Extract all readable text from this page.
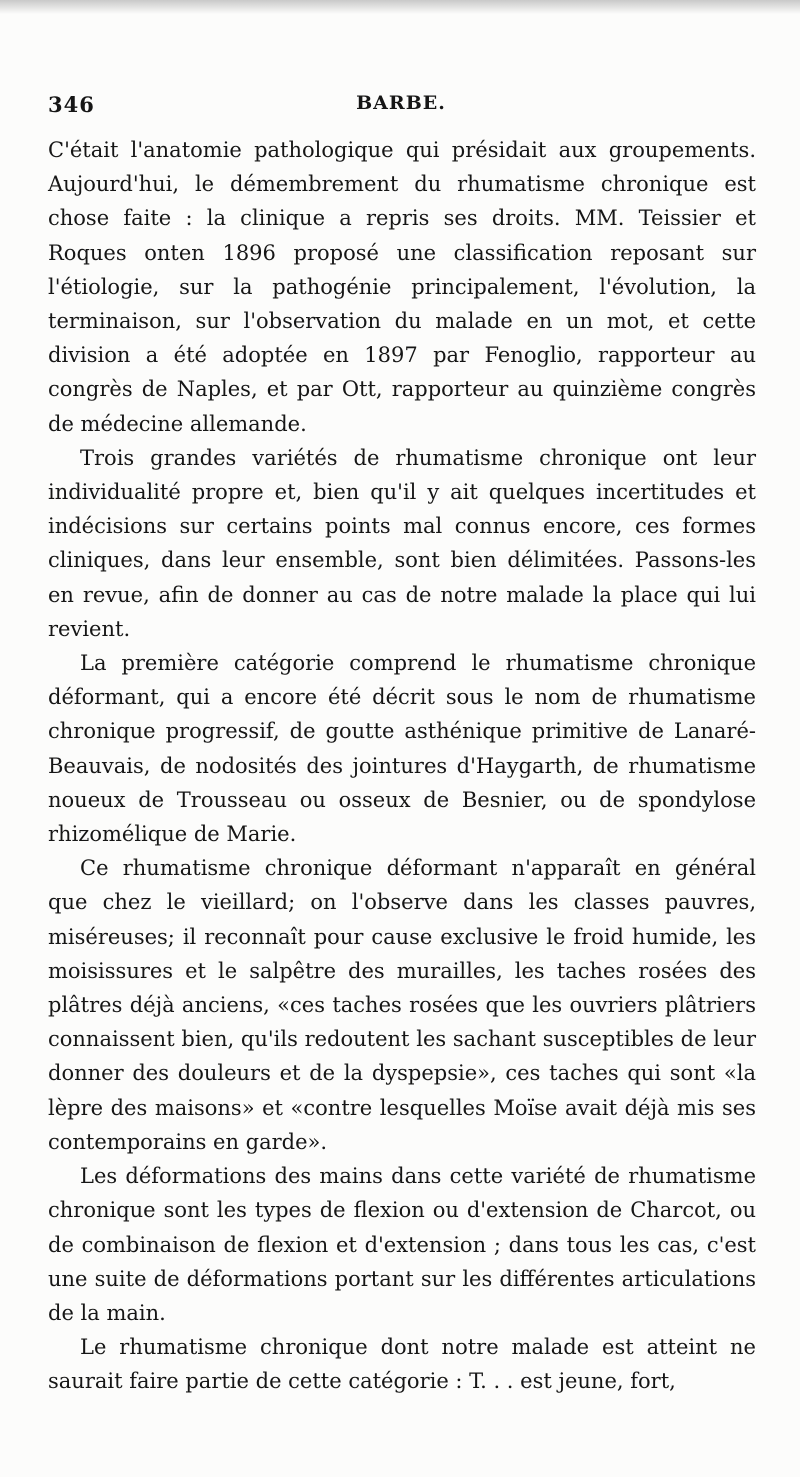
346	BARBE.

C'était l'anatomie pathologique qui présidait aux groupements. Aujourd'hui, le démembrement du rhumatisme chronique est chose faite : la clinique a repris ses droits. MM. Teissier et Roques onten 1896 proposé une classification reposant sur l'étiologie, sur la pathogénie principalement, l'évolution, la terminaison, sur l'observation du malade en un mot, et cette division a été adoptée en 1897 par Fenoglio, rapporteur au congrès de Naples, et par Ott, rapporteur au quinzième congrès de médecine allemande.

Trois grandes variétés de rhumatisme chronique ont leur individualité propre et, bien qu'il y ait quelques incertitudes et indécisions sur certains points mal connus encore, ces formes cliniques, dans leur ensemble, sont bien délimitées. Passons-les en revue, afin de donner au cas de notre malade la place qui lui revient.

La première catégorie comprend le rhumatisme chronique déformant, qui a encore été décrit sous le nom de rhumatisme chronique progressif, de goutte asthénique primitive de Lanaré-Beauvais, de nodosités des jointures d'Haygarth, de rhumatisme noueux de Trousseau ou osseux de Besnier, ou de spondylose rhizomélique de Marie.

Ce rhumatisme chronique déformant n'apparaît en général que chez le vieillard; on l'observe dans les classes pauvres, miséreuses; il reconnaît pour cause exclusive le froid humide, les moisissures et le salpêtre des murailles, les taches rosées des plâtres déjà anciens, «ces taches rosées que les ouvriers plâtriers connaissent bien, qu'ils redoutent les sachant susceptibles de leur donner des douleurs et de la dyspepsie», ces taches qui sont «la lèpre des maisons» et «contre lesquelles Moïse avait déjà mis ses contemporains en garde».

Les déformations des mains dans cette variété de rhumatisme chronique sont les types de flexion ou d'extension de Charcot, ou de combinaison de flexion et d'extension ; dans tous les cas, c'est une suite de déformations portant sur les différentes articulations de la main.

Le rhumatisme chronique dont notre malade est atteint ne saurait faire partie de cette catégorie : T. . . est jeune, fort,
